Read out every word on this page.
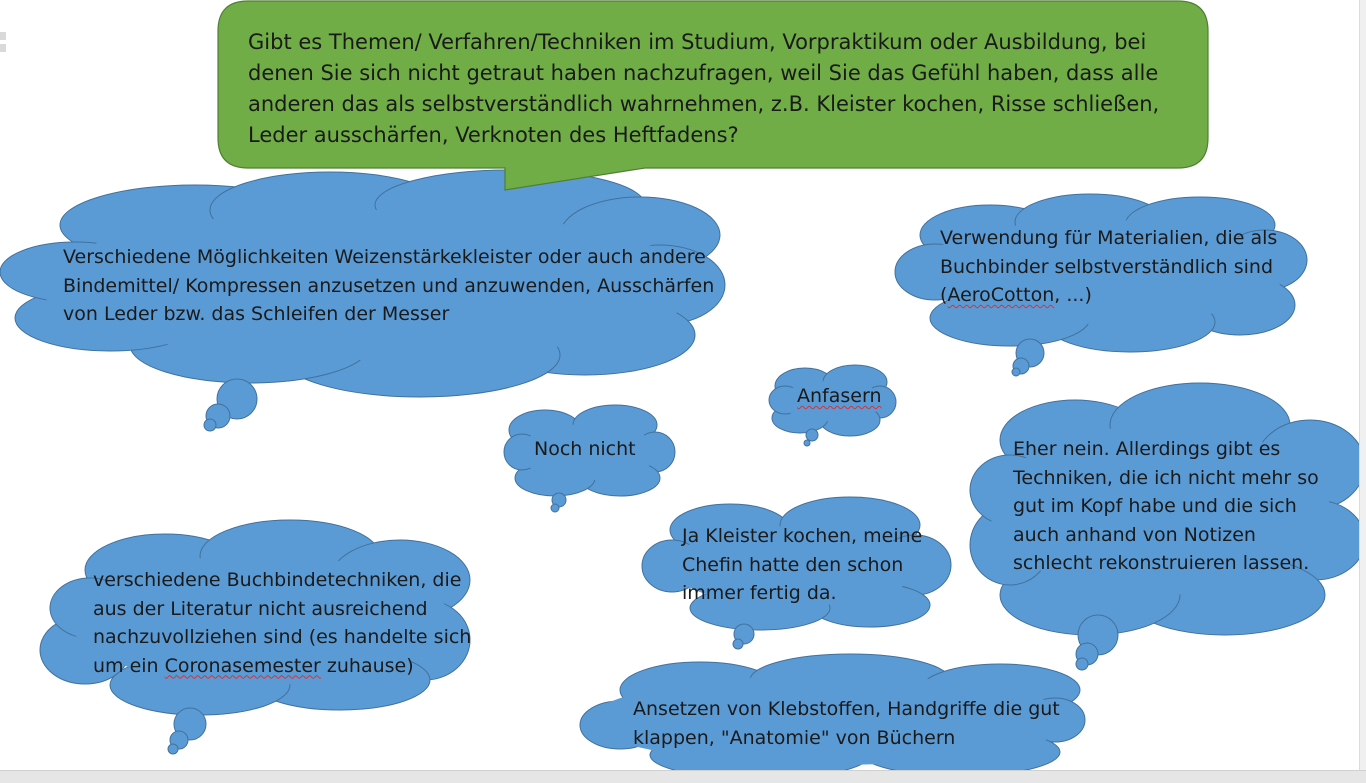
Gibt es Themen/ Verfahren/Techniken im Studium, Vorpraktikum oder Ausbildung, bei
denen Sie sich nicht getraut haben nachzufragen, weil Sie das Gefühl haben, dass alle
anderen das als selbstverständlich wahrnehmen, z.B. Kleister kochen, Risse schließen,
Leder ausschärfen, Verknoten des Heftfadens?
Verschiedene Möglichkeiten Weizenstärkekleister oder auch andere
Bindemittel/ Kompressen anzusetzen und anzuwenden, Ausschärfen
von Leder bzw. das Schleifen der Messer
Verwendung für Materialien, die als
Buchbinder selbstverständlich sind
(AeroCotton, ...)
Anfasern
Noch nicht	Eher nein. Allerdings gibt es
Techniken, die ich nicht mehr so
gut im Kopf habe und die sich
auch anhand von Notizen
schlecht rekonstruieren lassen.
Ja Kleister kochen, meine
Chefin hatte den schon
immer fertig da.
verschiedene Buchbindetechniken, die
aus der Literatur nicht ausreichend
nachzuvollziehen sind (es handelte sich
um ein Coronasemester zuhause)
Ansetzen von Klebstoffen, Handgriffe die gut
klappen, "Anatomie" von Büchern
